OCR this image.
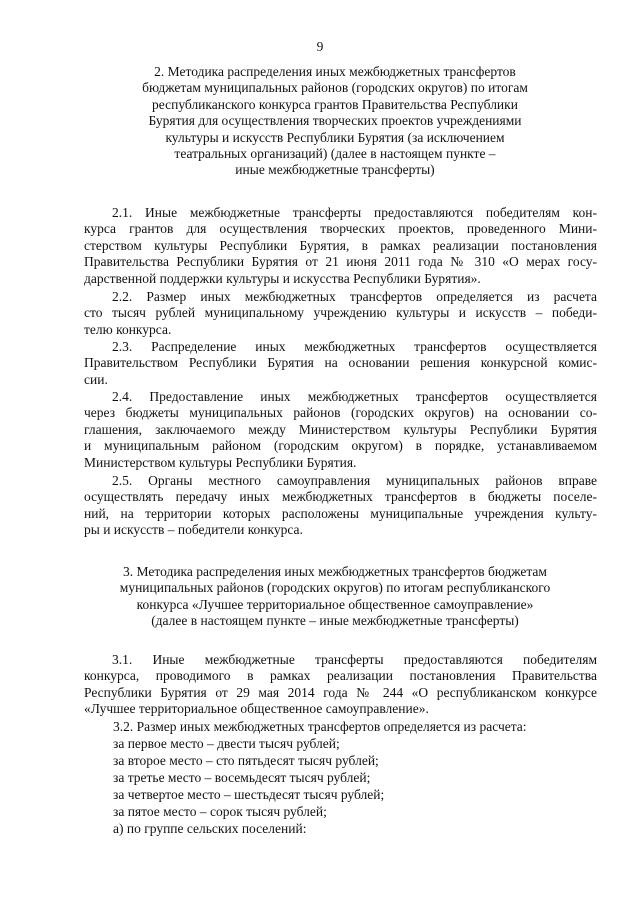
9
2. Методика распределения иных межбюджетных трансфертов
бюджетам муниципальных районов (городских округов) по итогам
республиканского конкурса грантов Правительства Республики
Бурятия для осуществления творческих проектов учреждениями
культуры и искусств Республики Бурятия (за исключением
театральных организаций) (далее в настоящем пункте –
иные межбюджетные трансферты)
2.1. Иные межбюджетные трансферты предоставляются победителям кон-
курса грантов для осуществления творческих проектов, проведенного Мини-
стерством культуры Республики Бурятия, в рамках реализации постановления
Правительства Республики Бурятия от 21 июня 2011 года № 310 «О мерах госу-
дарственной поддержки культуры и искусства Республики Бурятия».
2.2. Размер иных межбюджетных трансфертов определяется из расчета
сто тысяч рублей муниципальному учреждению культуры и искусств – победи-
телю конкурса.
2.3. Распределение иных межбюджетных трансфертов осуществляется
Правительством Республики Бурятия на основании решения конкурсной комис-
сии.
2.4. Предоставление иных межбюджетных трансфертов осуществляется
через бюджеты муниципальных районов (городских округов) на основании со-
глашения, заключаемого между Министерством культуры Республики Бурятия
и муниципальным районом (городским округом) в порядке, устанавливаемом
Министерством культуры Республики Бурятия.
2.5. Органы местного самоуправления муниципальных районов вправе
осуществлять передачу иных межбюджетных трансфертов в бюджеты поселе-
ний, на территории которых расположены муниципальные учреждения культу-
ры и искусств – победители конкурса.
3. Методика распределения иных межбюджетных трансфертов бюджетам
муниципальных районов (городских округов) по итогам республиканского
конкурса «Лучшее территориальное общественное самоуправление»
(далее в настоящем пункте – иные межбюджетные трансферты)
3.1. Иные межбюджетные трансферты предоставляются победителям
конкурса, проводимого в рамках реализации постановления Правительства
Республики Бурятия от 29 мая 2014 года № 244 «О республиканском конкурсе
«Лучшее территориальное общественное самоуправление».
3.2. Размер иных межбюджетных трансфертов определяется из расчета:
за первое место – двести тысяч рублей;
за второе место – сто пятьдесят тысяч рублей;
за третье место – восемьдесят тысяч рублей;
за четвертое место – шестьдесят тысяч рублей;
за пятое место – сорок тысяч рублей;
а) по группе сельских поселений:
